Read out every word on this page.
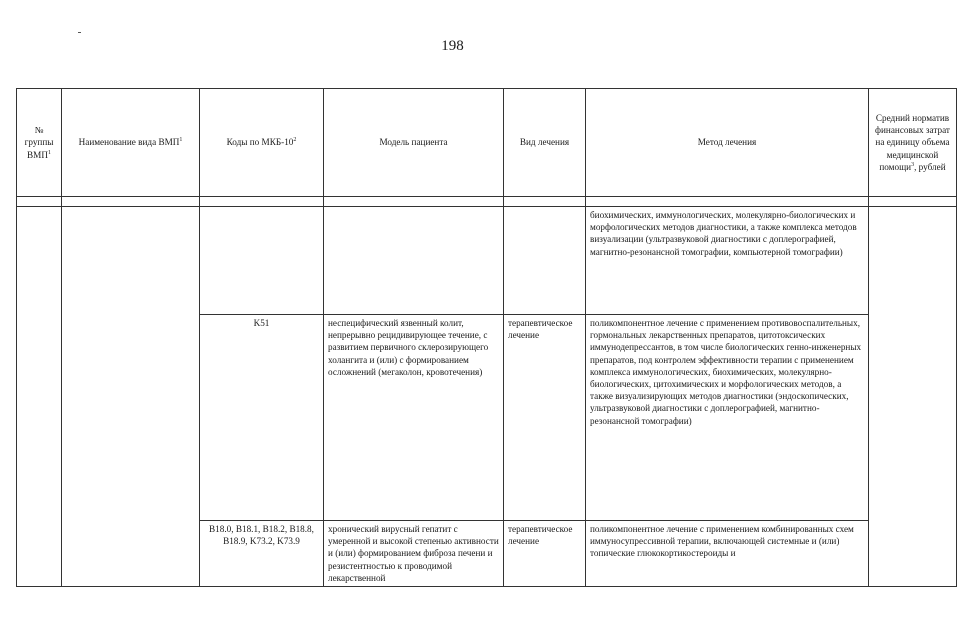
198
№ группы ВМП$^1$	Наименование вида ВМП$^1$	Коды по МКБ-$10^2$	Модель пациента	Вид лечения	Метод лечения	Средний норматив финансовых затрат на единицу объема медицинской помощи$^3$, рублей

					биохимических, иммунологических, молекулярно-биологических и морфологических методов диагностики, а также комплекса методов визуализации (ультразвуковой диагностики с доплерографией, магнитно-резонансной томографии, компьютерной томографии)	
		K51	неспецифический язвенный колит, непрерывно рецидивирующее течение, с развитием первичного склерозирующего холангита и (или) с формированием осложнений (мегаколон, кровотечения)	терапевтическое лечение	поликомпонентное лечение с применением противовоспалительных, гормональных лекарственных препаратов, цитотоксических иммунодепрессантов, в том числе биологических генно-инженерных препаратов, под контролем эффективности терапии с применением комплекса иммунологических, биохимических, молекулярно-биологических, цитохимических и морфологических методов, а также визуализирующих методов диагностики (эндоскопических, ультразвуковой диагностики с доплерографией, магнитно-резонансной томографии)	
		B18.0, B18.1, B18.2, B18.8, B18.9, K73.2, K73.9	хронический вирусный гепатит с умеренной и высокой степенью активности и (или) формированием фиброза печени и резистентностью к проводимой лекарственной	терапевтическое лечение	поликомпонентное лечение с применением комбинированных схем иммуносупрессивной терапии, включающей системные и (или) топические глюкокортикостероиды и	
